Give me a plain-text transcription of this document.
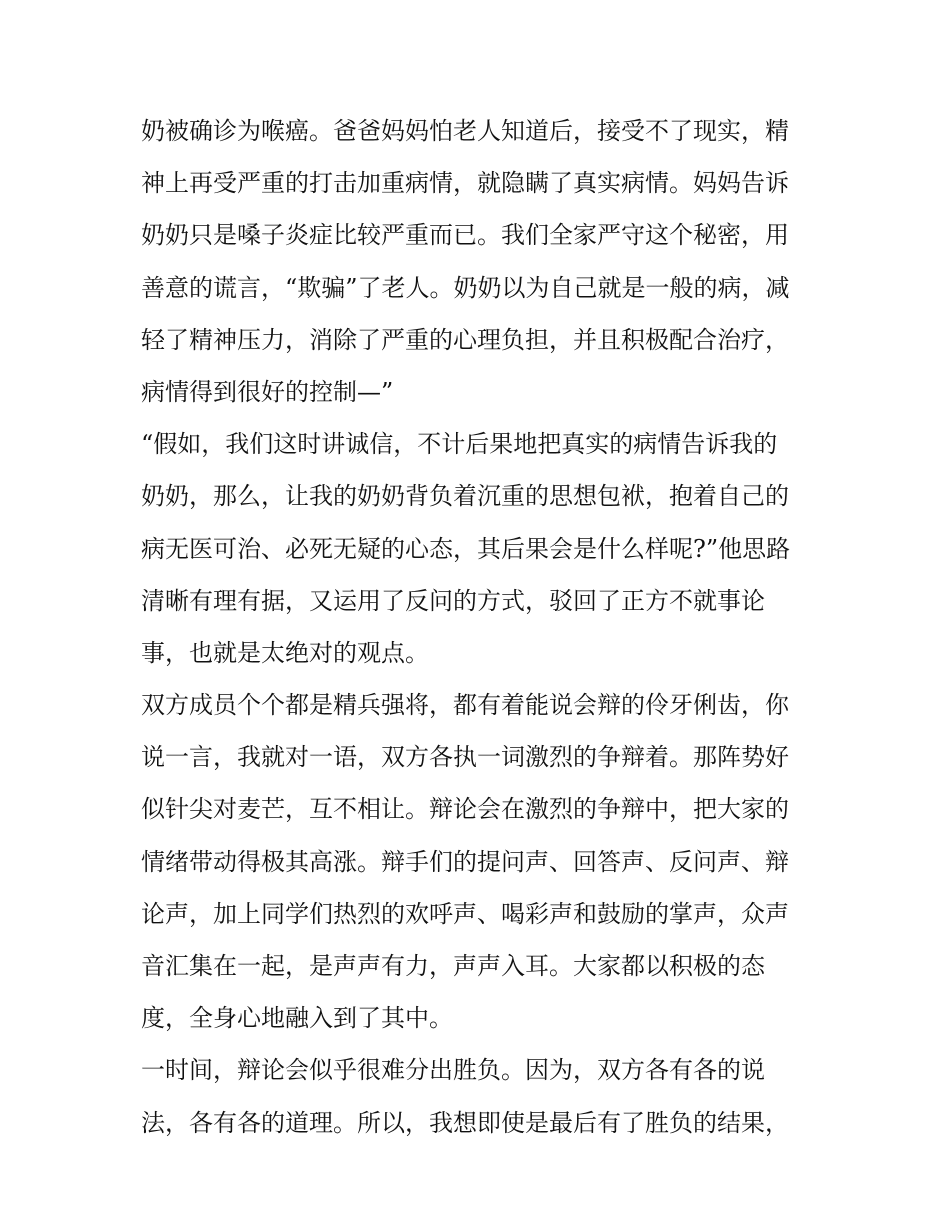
奶被确诊为喉癌。爸爸妈妈怕老人知道后，接受不了现实，精
神上再受严重的打击加重病情，就隐瞒了真实病情。妈妈告诉
奶奶只是嗓子炎症比较严重而已。我们全家严守这个秘密，用
善意的谎言，“欺骗”了老人。奶奶以为自己就是一般的病，减
轻了精神压力，消除了严重的心理负担，并且积极配合治疗，
病情得到很好的控制—”
“假如，我们这时讲诚信，不计后果地把真实的病情告诉我的
奶奶，那么，让我的奶奶背负着沉重的思想包袱，抱着自己的
病无医可治、必死无疑的心态，其后果会是什么样呢?”他思路
清晰有理有据，又运用了反问的方式，驳回了正方不就事论
事，也就是太绝对的观点。
双方成员个个都是精兵强将，都有着能说会辩的伶牙俐齿，你
说一言，我就对一语，双方各执一词激烈的争辩着。那阵势好
似针尖对麦芒，互不相让。辩论会在激烈的争辩中，把大家的
情绪带动得极其高涨。辩手们的提问声、回答声、反问声、辩
论声，加上同学们热烈的欢呼声、喝彩声和鼓励的掌声，众声
音汇集在一起，是声声有力，声声入耳。大家都以积极的态
度，全身心地融入到了其中。
一时间，辩论会似乎很难分出胜负。因为，双方各有各的说
法，各有各的道理。所以，我想即使是最后有了胜负的结果，
